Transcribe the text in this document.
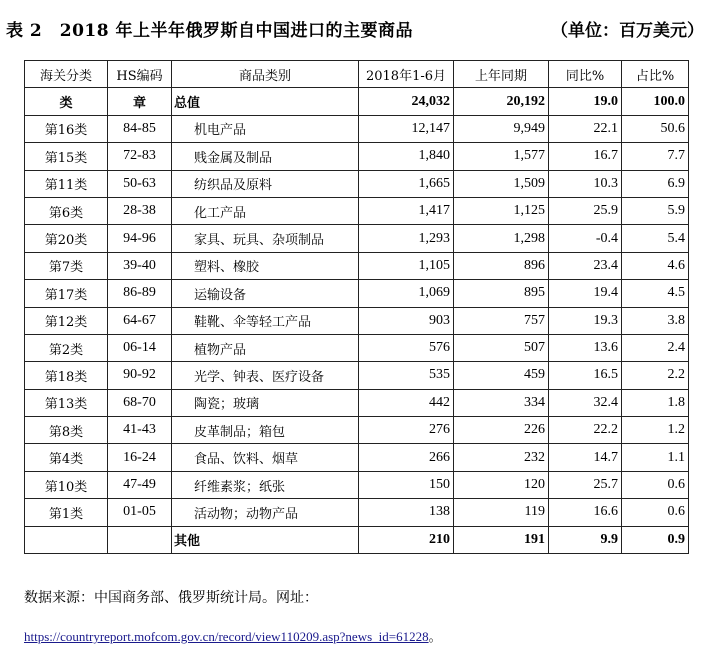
表 2　2018 年上半年俄罗斯自中国进口的主要商品	（单位：百万美元）
海关分类	HS编码	商品类别	2018年1-6月	上年同期	同比%	占比%
类	章	总值	24,032	20,192	19.0	100.0
第16类	84-85	机电产品	12,147	9,949	22.1	50.6
第15类	72-83	贱金属及制品	1,840	1,577	16.7	7.7
第11类	50-63	纺织品及原料	1,665	1,509	10.3	6.9
第6类	28-38	化工产品	1,417	1,125	25.9	5.9
第20类	94-96	家具、玩具、杂项制品	1,293	1,298	-0.4	5.4
第7类	39-40	塑料、橡胶	1,105	896	23.4	4.6
第17类	86-89	运输设备	1,069	895	19.4	4.5
第12类	64-67	鞋靴、伞等轻工产品	903	757	19.3	3.8
第2类	06-14	植物产品	576	507	13.6	2.4
第18类	90-92	光学、钟表、医疗设备	535	459	16.5	2.2
第13类	68-70	陶瓷；玻璃	442	334	32.4	1.8
第8类	41-43	皮革制品；箱包	276	226	22.2	1.2
第4类	16-24	食品、饮料、烟草	266	232	14.7	1.1
第10类	47-49	纤维素浆；纸张	150	120	25.7	0.6
第1类	01-05	活动物；动物产品	138	119	16.6	0.6
		其他	210	191	9.9	0.9
数据来源：中国商务部、俄罗斯统计局。网址：
https://countryreport.mofcom.gov.cn/record/view110209.asp?news_id=61228。
